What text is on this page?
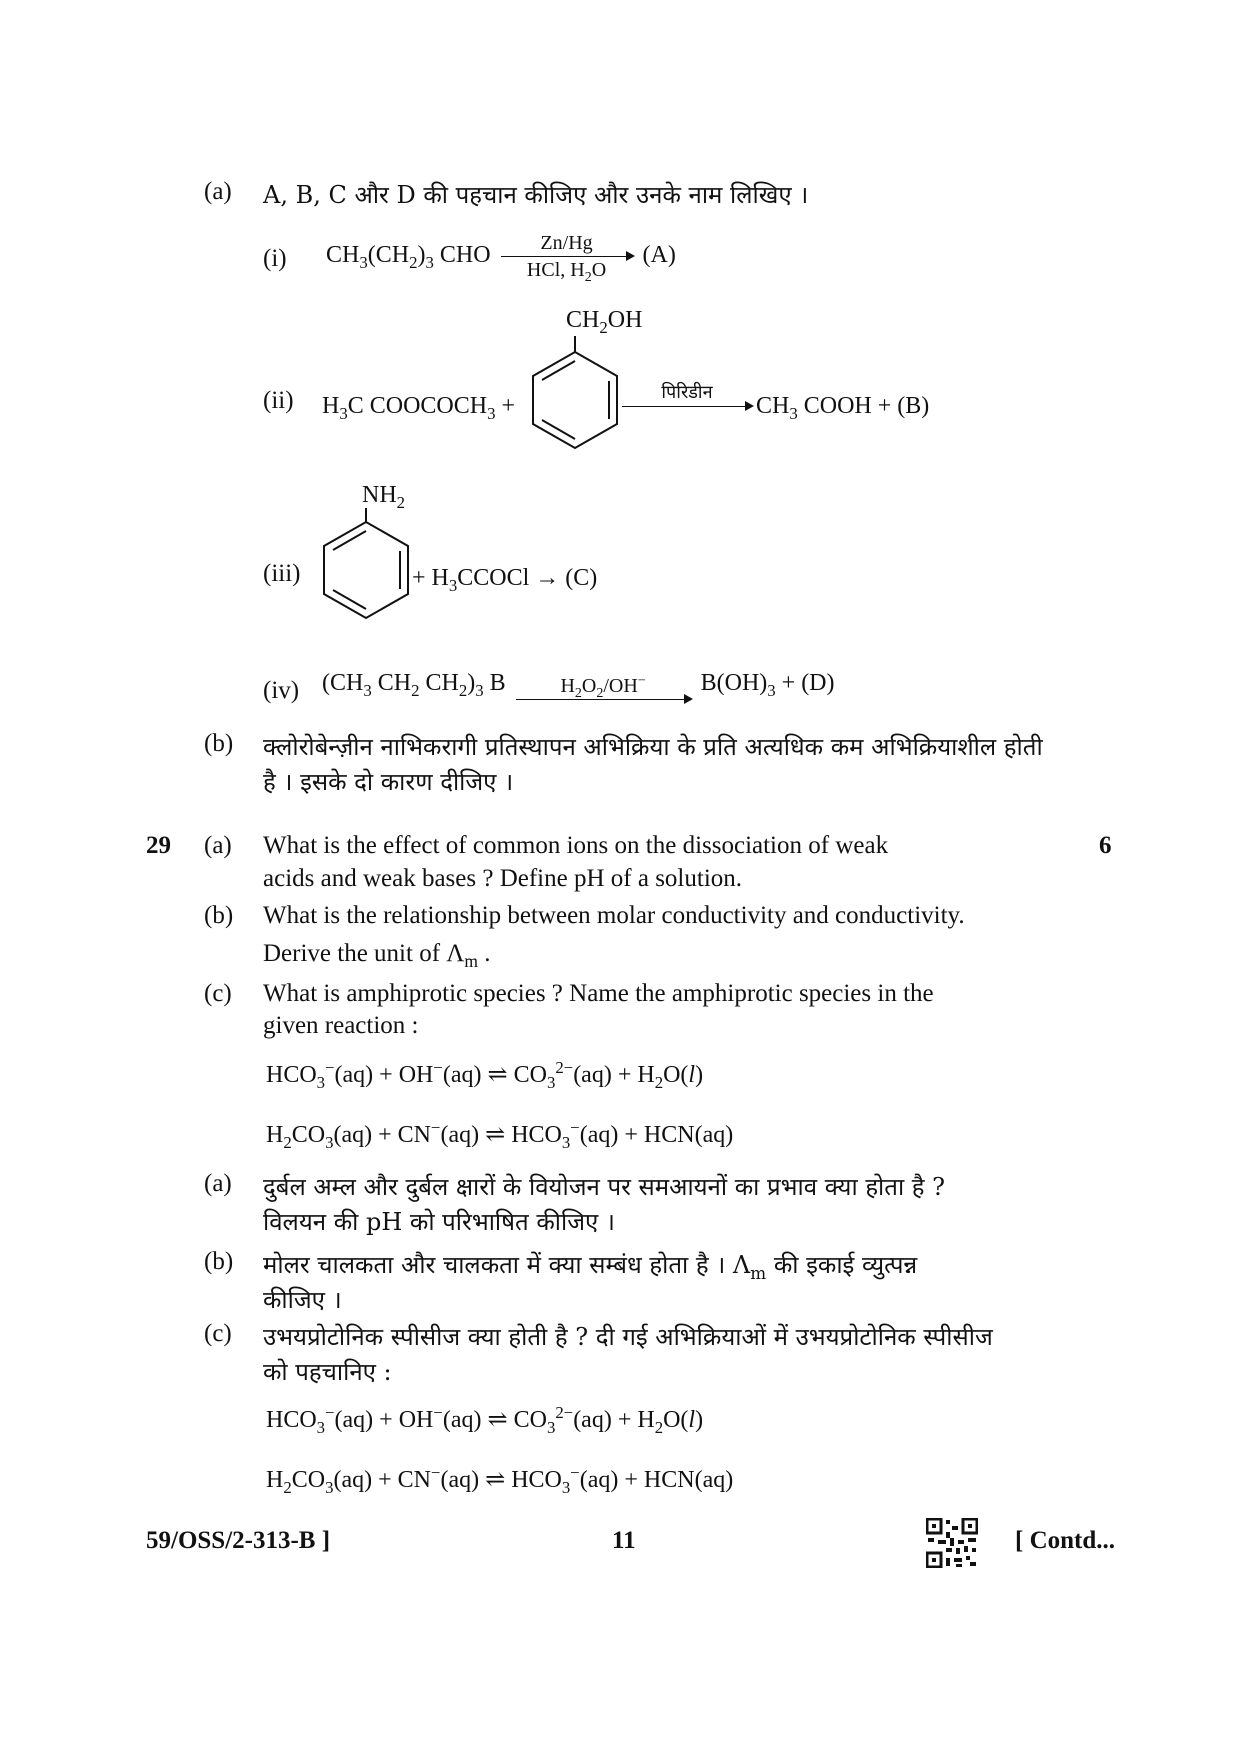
(a) A, B, C और D की पहचान कीजिए और उनके नाम लिखिए ।
(i) $CH_3(CH_2)_3$ CHO	Zn/Hg
HCl, $H_2O$
(A)
(ii) $H_3C$ $COOCOCH_3$ +
$CH_2OH$
पिरिडीन

$CH_3$ COOH + (B)
(iii)
$NH_2$
+ $H_3CCOCl \to (C)$
(iv) ($CH_3$ $CH_2$ $CH_2)_3$ B	$H_2O_2/OH^-$	$B(OH)_3 + (D)$
(b) क्लोरोबेन्ज़ीन नाभिकरागी प्रतिस्थापन अभिक्रिया के प्रति अत्यधिक कम अभिक्रियाशील होती
है । इसके दो कारण दीजिए ।
29	6
(a) What is the effect of common ions on the dissociation of weak
acids and weak bases ? Define pH of a solution.
(b) What is the relationship between molar conductivity and conductivity.
Derive the unit of $\Lambda_m$ .
(c) What is amphiprotic species ? Name the amphiprotic species in the
given reaction :
$HCO_3^-(aq) + OH^-(aq)$ ⇌ $CO_3^{2-}(aq) + H_2O(l)$
$H_2CO_3(aq) + CN^-(aq)$ ⇌ $HCO_3^-(aq) + HCN(aq)$
(a) दुर्बल अम्ल और दुर्बल क्षारों के वियोजन पर समआयनों का प्रभाव क्या होता है ?
विलयन की pH को परिभाषित कीजिए ।
(b) मोलर चालकता और चालकता में क्या सम्बंध होता है । $\Lambda_m$ की इकाई व्युत्पन्न
कीजिए ।
(c) उभयप्रोटोनिक स्पीसीज क्या होती है ? दी गई अभिक्रियाओं में उभयप्रोटोनिक स्पीसीज
को पहचानिए :
$HCO_3^-(aq) + OH^-(aq)$ ⇌ $CO_3^{2-}(aq) + H_2O(l)$
$H_2CO_3(aq) + CN^-(aq)$ ⇌ $HCO_3^-(aq) + HCN(aq)$
59/OSS/2-313-B ]	11	[ Contd...
